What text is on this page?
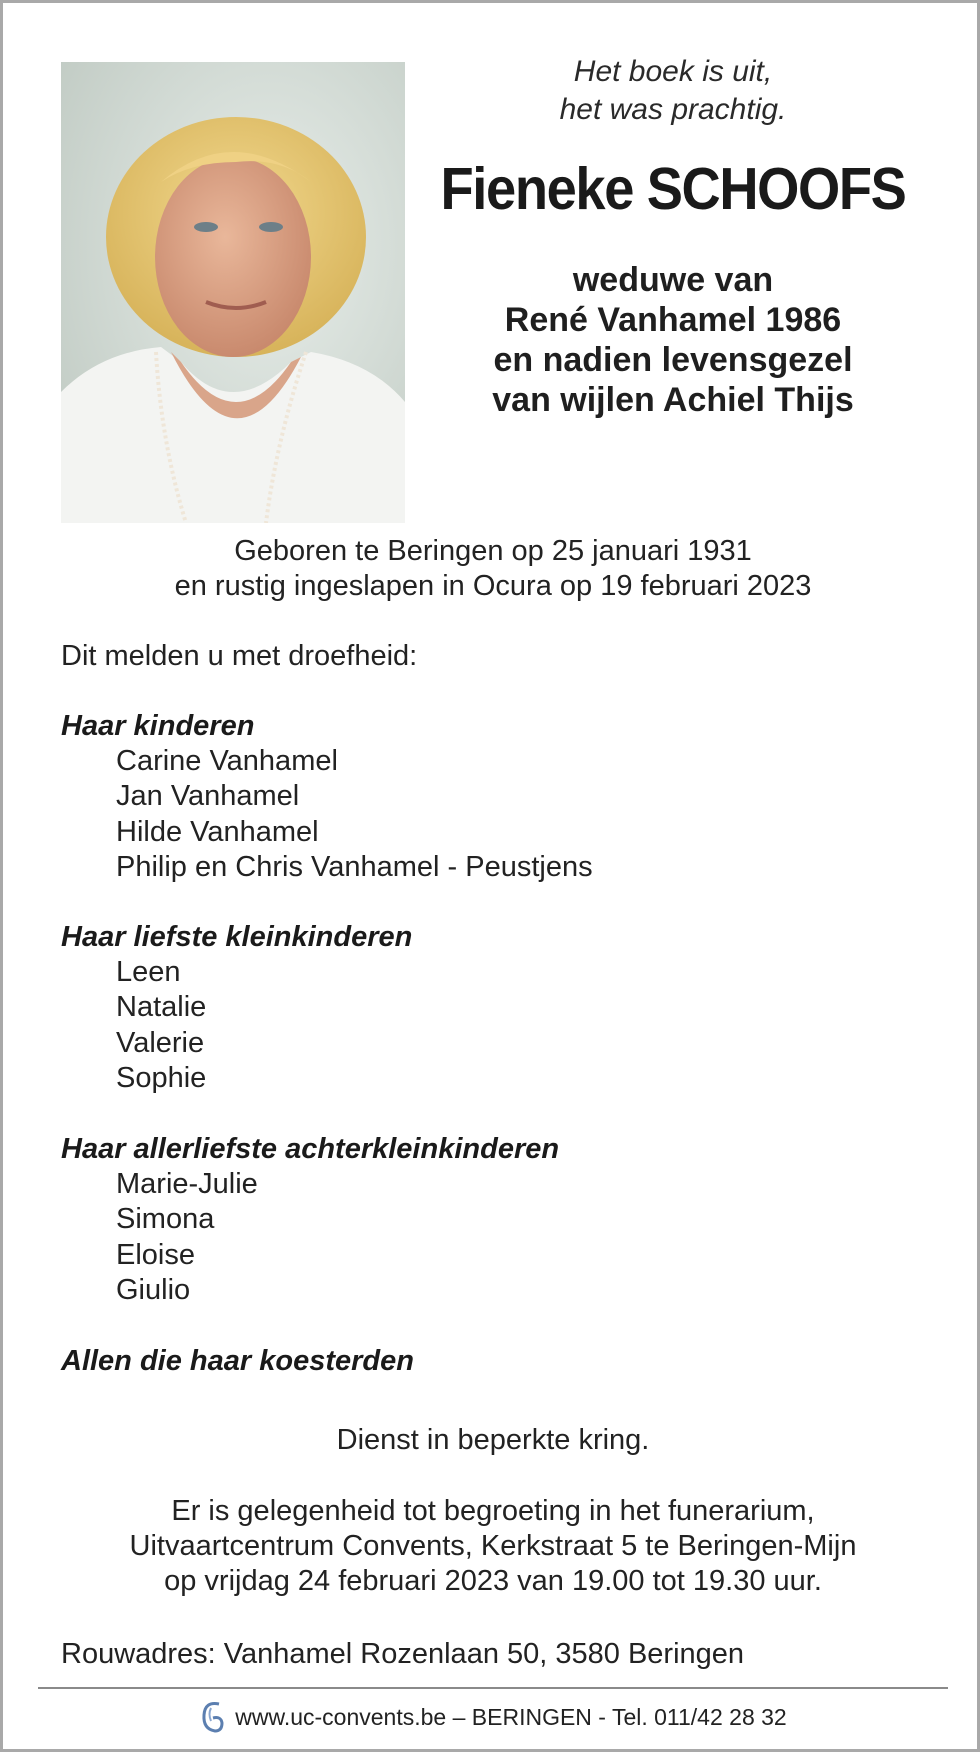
Het boek is uit,
het was prachtig.
Fieneke SCHOOFS
weduwe van
René Vanhamel 1986
en nadien levensgezel
van wijlen Achiel Thijs
Geboren te Beringen op 25 januari 1931
en rustig ingeslapen in Ocura op 19 februari 2023
Dit melden u met droefheid:
Haar kinderen
Carine Vanhamel
Jan Vanhamel
Hilde Vanhamel
Philip en Chris Vanhamel - Peustjens
Haar liefste kleinkinderen
Leen
Natalie
Valerie
Sophie
Haar allerliefste achterkleinkinderen
Marie-Julie
Simona
Eloise
Giulio
Allen die haar koesterden
Dienst in beperkte kring.
Er is gelegenheid tot begroeting in het funerarium,
Uitvaartcentrum Convents, Kerkstraat 5 te Beringen-Mijn
op vrijdag 24 februari 2023 van 19.00 tot 19.30 uur.
Rouwadres: Vanhamel Rozenlaan 50, 3580 Beringen
www.uc-convents.be – BERINGEN - Tel. 011/42 28 32
